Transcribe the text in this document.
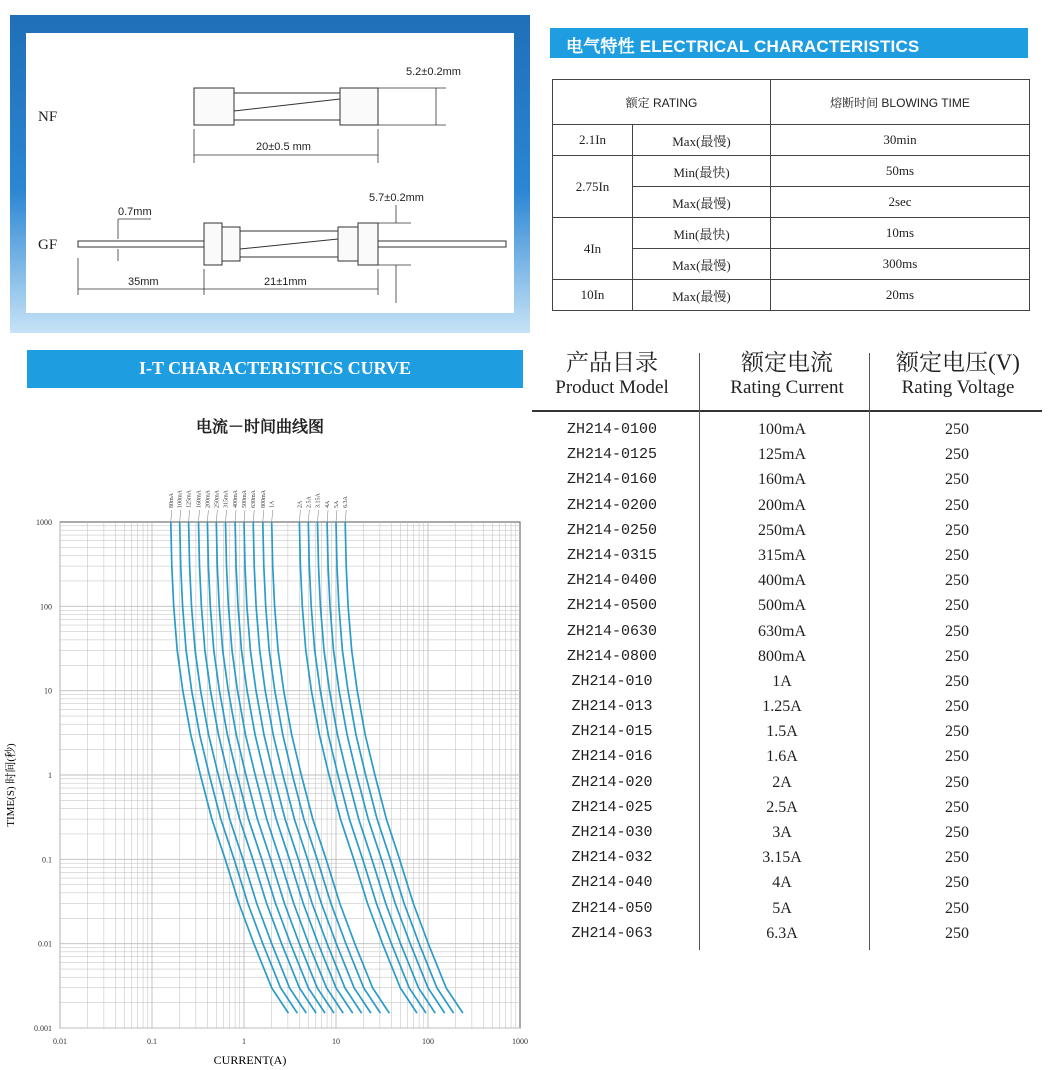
NF
5.2±0.2mm
20±0.5 mm
GF
0.7mm
5.7±0.2mm
35mm	21±1mm
电气特性 ELECTRICAL CHARACTERISTICS
额定 RATING		熔断时间 BLOWING TIME
2.1In	Max(最慢)	30min
2.75In	Min(最快)	50ms
	Max(最慢)	2sec
4In	Min(最快)	10ms
	Max(最慢)	300ms
10In	Max(最慢)	20ms
I-T CHARACTERISTICS CURVE
电流－时间曲线图
0.01	0.1	1	10	100	1000
1000
100
10
1
0.1
0.01
0.001
80mA 100mA 125mA 160mA 200mA 250mA 315mA 400mA 500mA 630mA 800mA 1A	2A 2.5A 3.15A 4A 5A 6.3A
CURRENT(A)
TIME(S) 时间(秒)
产品目录
Product Model
额定电流
Rating Current
额定电压(V)
Rating Voltage
ZH214-0100	100mA	250
ZH214-0125	125mA	250
ZH214-0160	160mA	250
ZH214-0200	200mA	250
ZH214-0250	250mA	250
ZH214-0315	315mA	250
ZH214-0400	400mA	250
ZH214-0500	500mA	250
ZH214-0630	630mA	250
ZH214-0800	800mA	250
ZH214-010	1A	250
ZH214-013	1.25A	250
ZH214-015	1.5A	250
ZH214-016	1.6A	250
ZH214-020	2A	250
ZH214-025	2.5A	250
ZH214-030	3A	250
ZH214-032	3.15A	250
ZH214-040	4A	250
ZH214-050	5A	250
ZH214-063	6.3A	250
